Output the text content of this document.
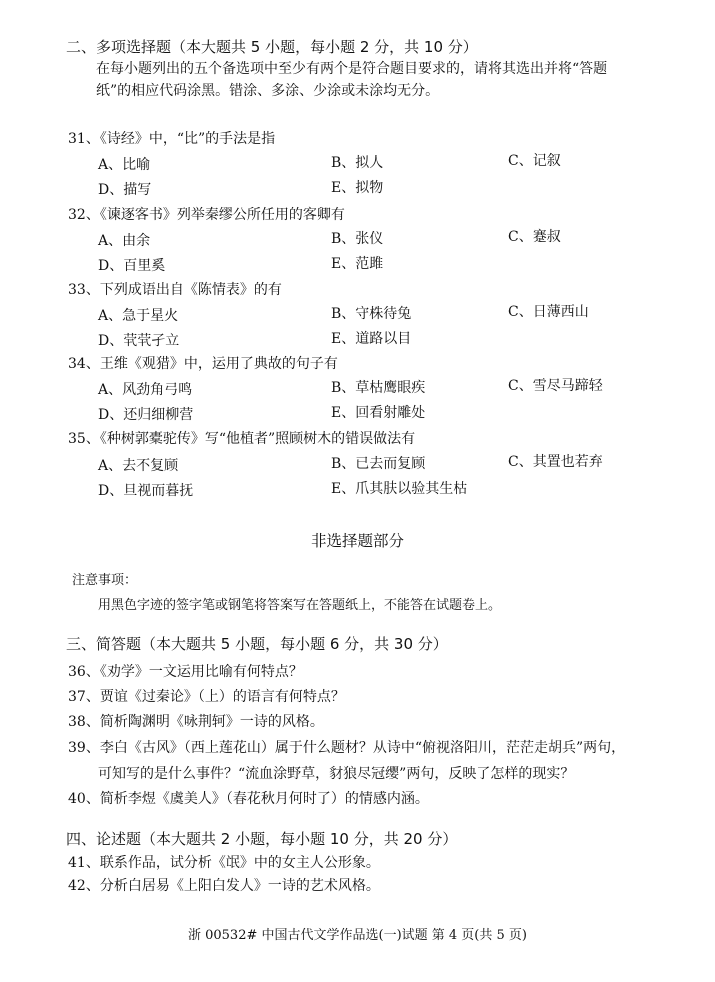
二、多项选择题（本大题共 5 小题，每小题 2 分，共 10 分）
在每小题列出的五个备选项中至少有两个是符合题目要求的，请将其选出并将“答题
纸”的相应代码涂黑。错涂、多涂、少涂或未涂均无分。
31、《诗经》中，“比”的手法是指
A、比喻	B、拟人	C、记叙
D、描写	E、拟物
32、《谏逐客书》列举秦缪公所任用的客卿有
A、由余	B、张仪	C、蹇叔
D、百里奚	E、范雎
33、下列成语出自《陈情表》的有
A、急于星火	B、守株待兔	C、日薄西山
D、茕茕孑立	E、道路以目
34、王维《观猎》中，运用了典故的句子有
A、风劲角弓鸣	B、草枯鹰眼疾	C、雪尽马蹄轻
D、还归细柳营	E、回看射雕处
35、《种树郭橐驼传》写“他植者”照顾树木的错误做法有
A、去不复顾	B、已去而复顾	C、其置也若弃
D、旦视而暮抚	E、爪其肤以验其生枯
非选择题部分
注意事项：
用黑色字迹的签字笔或钢笔将答案写在答题纸上，不能答在试题卷上。
三、简答题（本大题共 5 小题，每小题 6 分，共 30 分）
36、《劝学》一文运用比喻有何特点？
37、贾谊《过秦论》（上）的语言有何特点？
38、简析陶渊明《咏荆轲》一诗的风格。
39、李白《古风》（西上莲花山）属于什么题材？从诗中“俯视洛阳川，茫茫走胡兵”两句，
可知写的是什么事件？“流血涂野草，豺狼尽冠缨”两句，反映了怎样的现实？
40、简析李煜《虞美人》（春花秋月何时了）的情感内涵。
四、论述题（本大题共 2 小题，每小题 10 分，共 20 分）
41、联系作品，试分析《氓》中的女主人公形象。
42、分析白居易《上阳白发人》一诗的艺术风格。
浙 00532# 中国古代文学作品选(一)试题 第 4 页(共 5 页)
